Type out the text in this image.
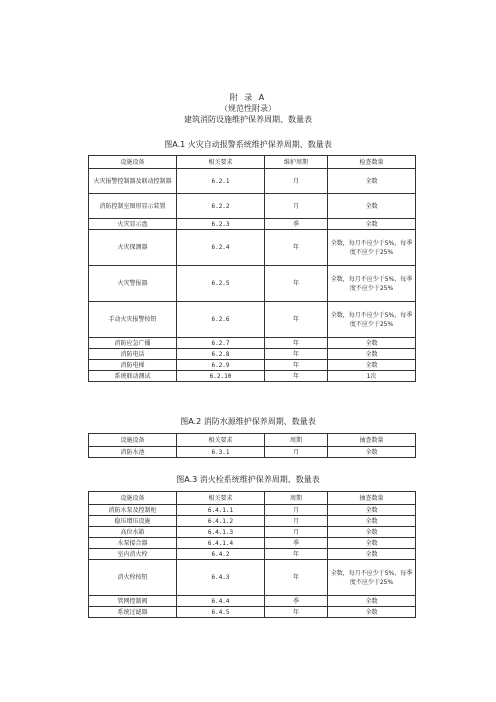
附 录 A
（规范性附录）
建筑消防设施维护保养周期、数量表
图A.1 火灾自动报警系统维护保养周期、数量表
设施设备	相关要求	维护周期	检查数量
火灾报警控制器及联动控制器	6.2.1	月	全数
消防控制室图形显示装置	6.2.2	月	全数
火灾显示盘	6.2.3	季	全数
火灾探测器	6.2.4	年	全数，每月不应少于5%，每季度不应少于25%
火灾警报器	6.2.5	年	全数，每月不应少于5%，每季度不应少于25%
手动火灾报警按钮	6.2.6	年	全数，每月不应少于5%，每季度不应少于25%
消防应急广播	6.2.7	年	全数
消防电话	6.2.8	年	全数
消防电梯	6.2.9	年	全数
系统联动测试	6.2.10	年	1次
图A.2 消防水源维护保养周期、数量表
设施设备	相关要求	周期	抽查数量
消防水池	6.3.1	月	全数
图A.3 消火栓系统维护保养周期、数量表
设施设备	相关要求	周期	抽查数量
消防水泵及控制柜	6.4.1.1	月	全数
稳压增压设施	6.4.1.2	月	全数
高位水箱	6.4.1.3	月	全数
水泵接合器	6.4.1.4	季	全数
室内消火栓	6.4.2	年	全数
消火栓按钮	6.4.3	年	全数，每月不应少于5%，每季度不应少于25%
管网控制阀	6.4.4	季	全数
系统过滤器	6.4.5	年	全数
